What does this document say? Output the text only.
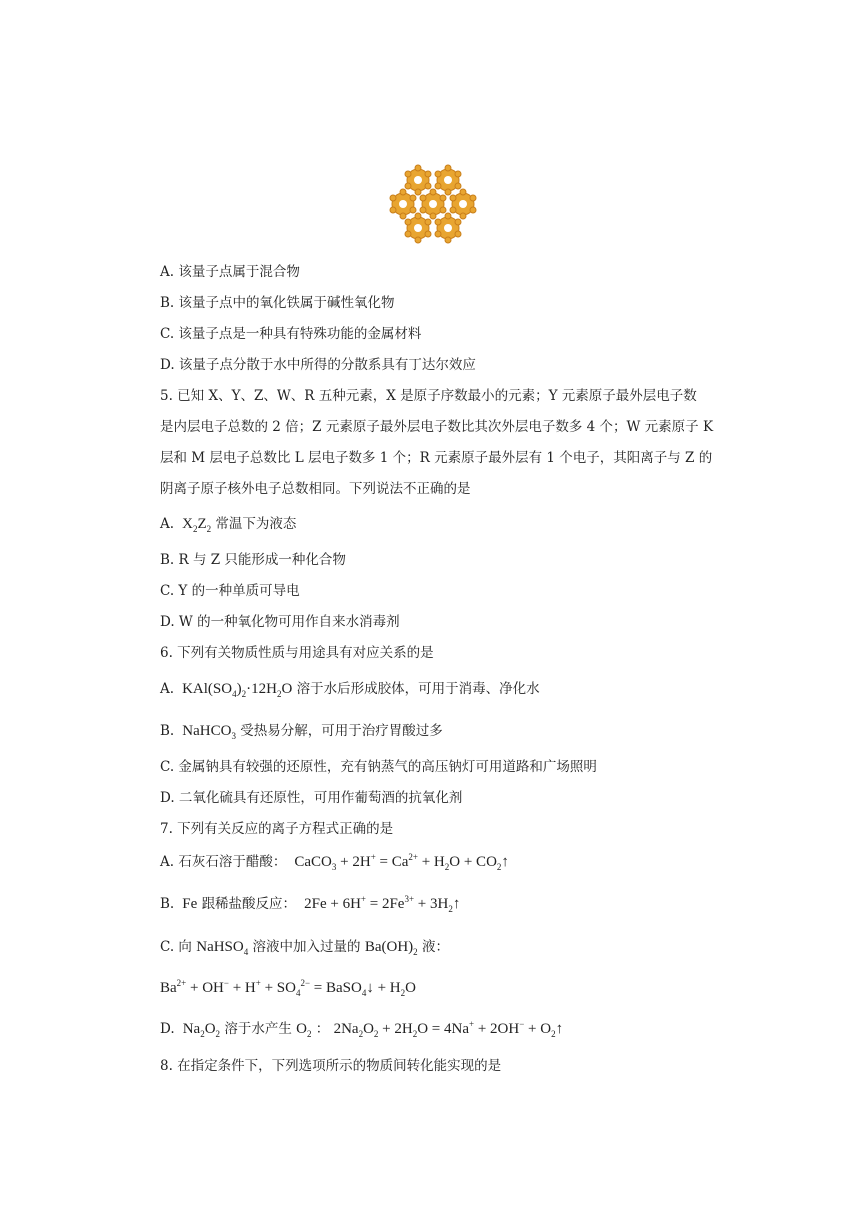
A. 该量子点属于混合物
B. 该量子点中的氧化铁属于碱性氧化物
C. 该量子点是一种具有特殊功能的金属材料
D. 该量子点分散于水中所得的分散系具有丁达尔效应
5. 已知 X、Y、Z、W、R 五种元素，X 是原子序数最小的元素；Y 元素原子最外层电子数
是内层电子总数的 2 倍；Z 元素原子最外层电子数比其次外层电子数多 4 个；W 元素原子 K
层和 M 层电子总数比 L 层电子数多 1 个；R 元素原子最外层有 1 个电子，其阳离子与 Z 的
阴离子原子核外电子总数相同。下列说法不正确的是
A.  $X_2Z_2$ 常温下为液态
B. R 与 Z 只能形成一种化合物
C. Y 的一种单质可导电
D. W 的一种氧化物可用作自来水消毒剂
6. 下列有关物质性质与用途具有对应关系的是
A.  $KAl(SO_4)_2\cdot 12H_2O$ 溶于水后形成胶体，可用于消毒、净化水
B.  NaHCO$_3$ 受热易分解，可用于治疗胃酸过多
C. 金属钠具有较强的还原性，充有钠蒸气的高压钠灯可用道路和广场照明
D. 二氧化硫具有还原性，可用作葡萄酒的抗氧化剂
7. 下列有关反应的离子方程式正确的是
A. 石灰石溶于醋酸：  CaCO$_3$ + $2H^+ = Ca^{2+} + H_2O$ + $CO_2↑$
B.  Fe 跟稀盐酸反应：  $2Fe + 6H^+ = 2Fe^{3+}$ + $3H_2↑$
C. 向 NaHSO$_4$ 溶液中加入过量的 $Ba(OH)_2$ 液：
$Ba^{2+} + OH^- + H^+ + SO_4^{2-}$ = BaSO$_4$↓ + $H_2O$
D.  $Na_2O_2$ 溶于水产生 $O_2$ ： $2Na_2O_2 + 2H_2O = 4Na^+ + 2OH^-$ + $O_2↑$
8. 在指定条件下，下列选项所示的物质间转化能实现的是
